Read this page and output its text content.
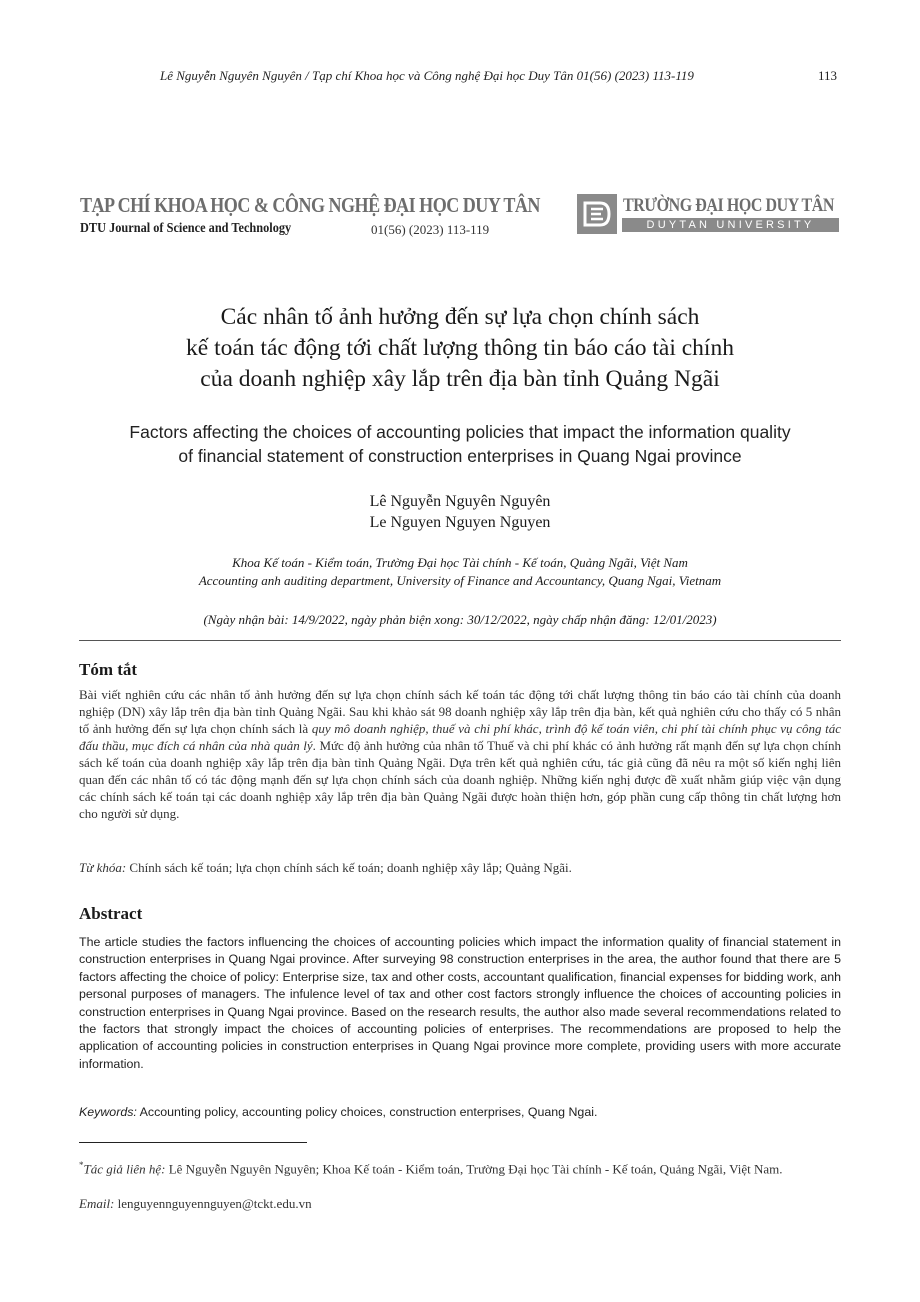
Lê Nguyễn Nguyên Nguyên / Tạp chí Khoa học và Công nghệ Đại học Duy Tân 01(56) (2023) 113-119	113
TẠP CHÍ KHOA HỌC & CÔNG NGHỆ ĐẠI HỌC DUY TÂN
DTU Journal of Science and Technology	01(56) (2023) 113-119
TRƯỜNG ĐẠI HỌC DUY TÂN
DUYTAN UNIVERSITY
Các nhân tố ảnh hưởng đến sự lựa chọn chính sách
kế toán tác động tới chất lượng thông tin báo cáo tài chính
của doanh nghiệp xây lắp trên địa bàn tỉnh Quảng Ngãi
Factors affecting the choices of accounting policies that impact the information quality
of financial statement of construction enterprises in Quang Ngai province
Lê Nguyễn Nguyên Nguyên
Le Nguyen Nguyen Nguyen
Khoa Kế toán - Kiểm toán, Trường Đại học Tài chính - Kế toán, Quảng Ngãi, Việt Nam
Accounting anh auditing department, University of Finance and Accountancy, Quang Ngai, Vietnam
(Ngày nhận bài: 14/9/2022, ngày phản biện xong: 30/12/2022, ngày chấp nhận đăng: 12/01/2023)
Tóm tắt
Bài viết nghiên cứu các nhân tố ảnh hưởng đến sự lựa chọn chính sách kế toán tác động tới chất lượng thông tin báo cáo tài chính của doanh nghiệp (DN) xây lắp trên địa bàn tỉnh Quảng Ngãi. Sau khi khảo sát 98 doanh nghiệp xây lắp trên địa bàn, kết quả nghiên cứu cho thấy có 5 nhân tố ảnh hưởng đến sự lựa chọn chính sách là quy mô doanh nghiệp, thuế và chi phí khác, trình độ kế toán viên, chi phí tài chính phục vụ công tác đấu thầu, mục đích cá nhân của nhà quản lý. Mức độ ảnh hưởng của nhân tố Thuế và chi phí khác có ảnh hưởng rất mạnh đến sự lựa chọn chính sách kế toán của doanh nghiệp xây lắp trên địa bàn tỉnh Quảng Ngãi. Dựa trên kết quả nghiên cứu, tác giả cũng đã nêu ra một số kiến nghị liên quan đến các nhân tố có tác động mạnh đến sự lựa chọn chính sách của doanh nghiệp. Những kiến nghị được đề xuất nhằm giúp việc vận dụng các chính sách kế toán tại các doanh nghiệp xây lắp trên địa bàn Quảng Ngãi được hoàn thiện hơn, góp phần cung cấp thông tin chất lượng hơn cho người sử dụng.
Từ khóa: Chính sách kế toán; lựa chọn chính sách kế toán; doanh nghiệp xây lắp; Quảng Ngãi.
Abstract
The article studies the factors influencing the choices of accounting policies which impact the information quality of financial statement in construction enterprises in Quang Ngai province. After surveying 98 construction enterprises in the area, the author found that there are 5 factors affecting the choice of policy: Enterprise size, tax and other costs, accountant qualification, financial expenses for bidding work, anh personal purposes of managers. The infulence level of tax and other cost factors strongly influence the choices of accounting policies in construction enterprises in Quang Ngai province. Based on the research results, the author also made several recommendations related to the factors that strongly impact the choices of accounting policies of enterprises. The recommendations are proposed to help the application of accounting policies in construction enterprises in Quang Ngai province more complete, providing users with more accurate information.
Keywords: Accounting policy, accounting policy choices, construction enterprises, Quang Ngai.
*Tác giả liên hệ: Lê Nguyễn Nguyên Nguyên; Khoa Kế toán - Kiểm toán, Trường Đại học Tài chính - Kế toán, Quảng Ngãi, Việt Nam.
Email: lenguyennguyennguyen@tckt.edu.vn
